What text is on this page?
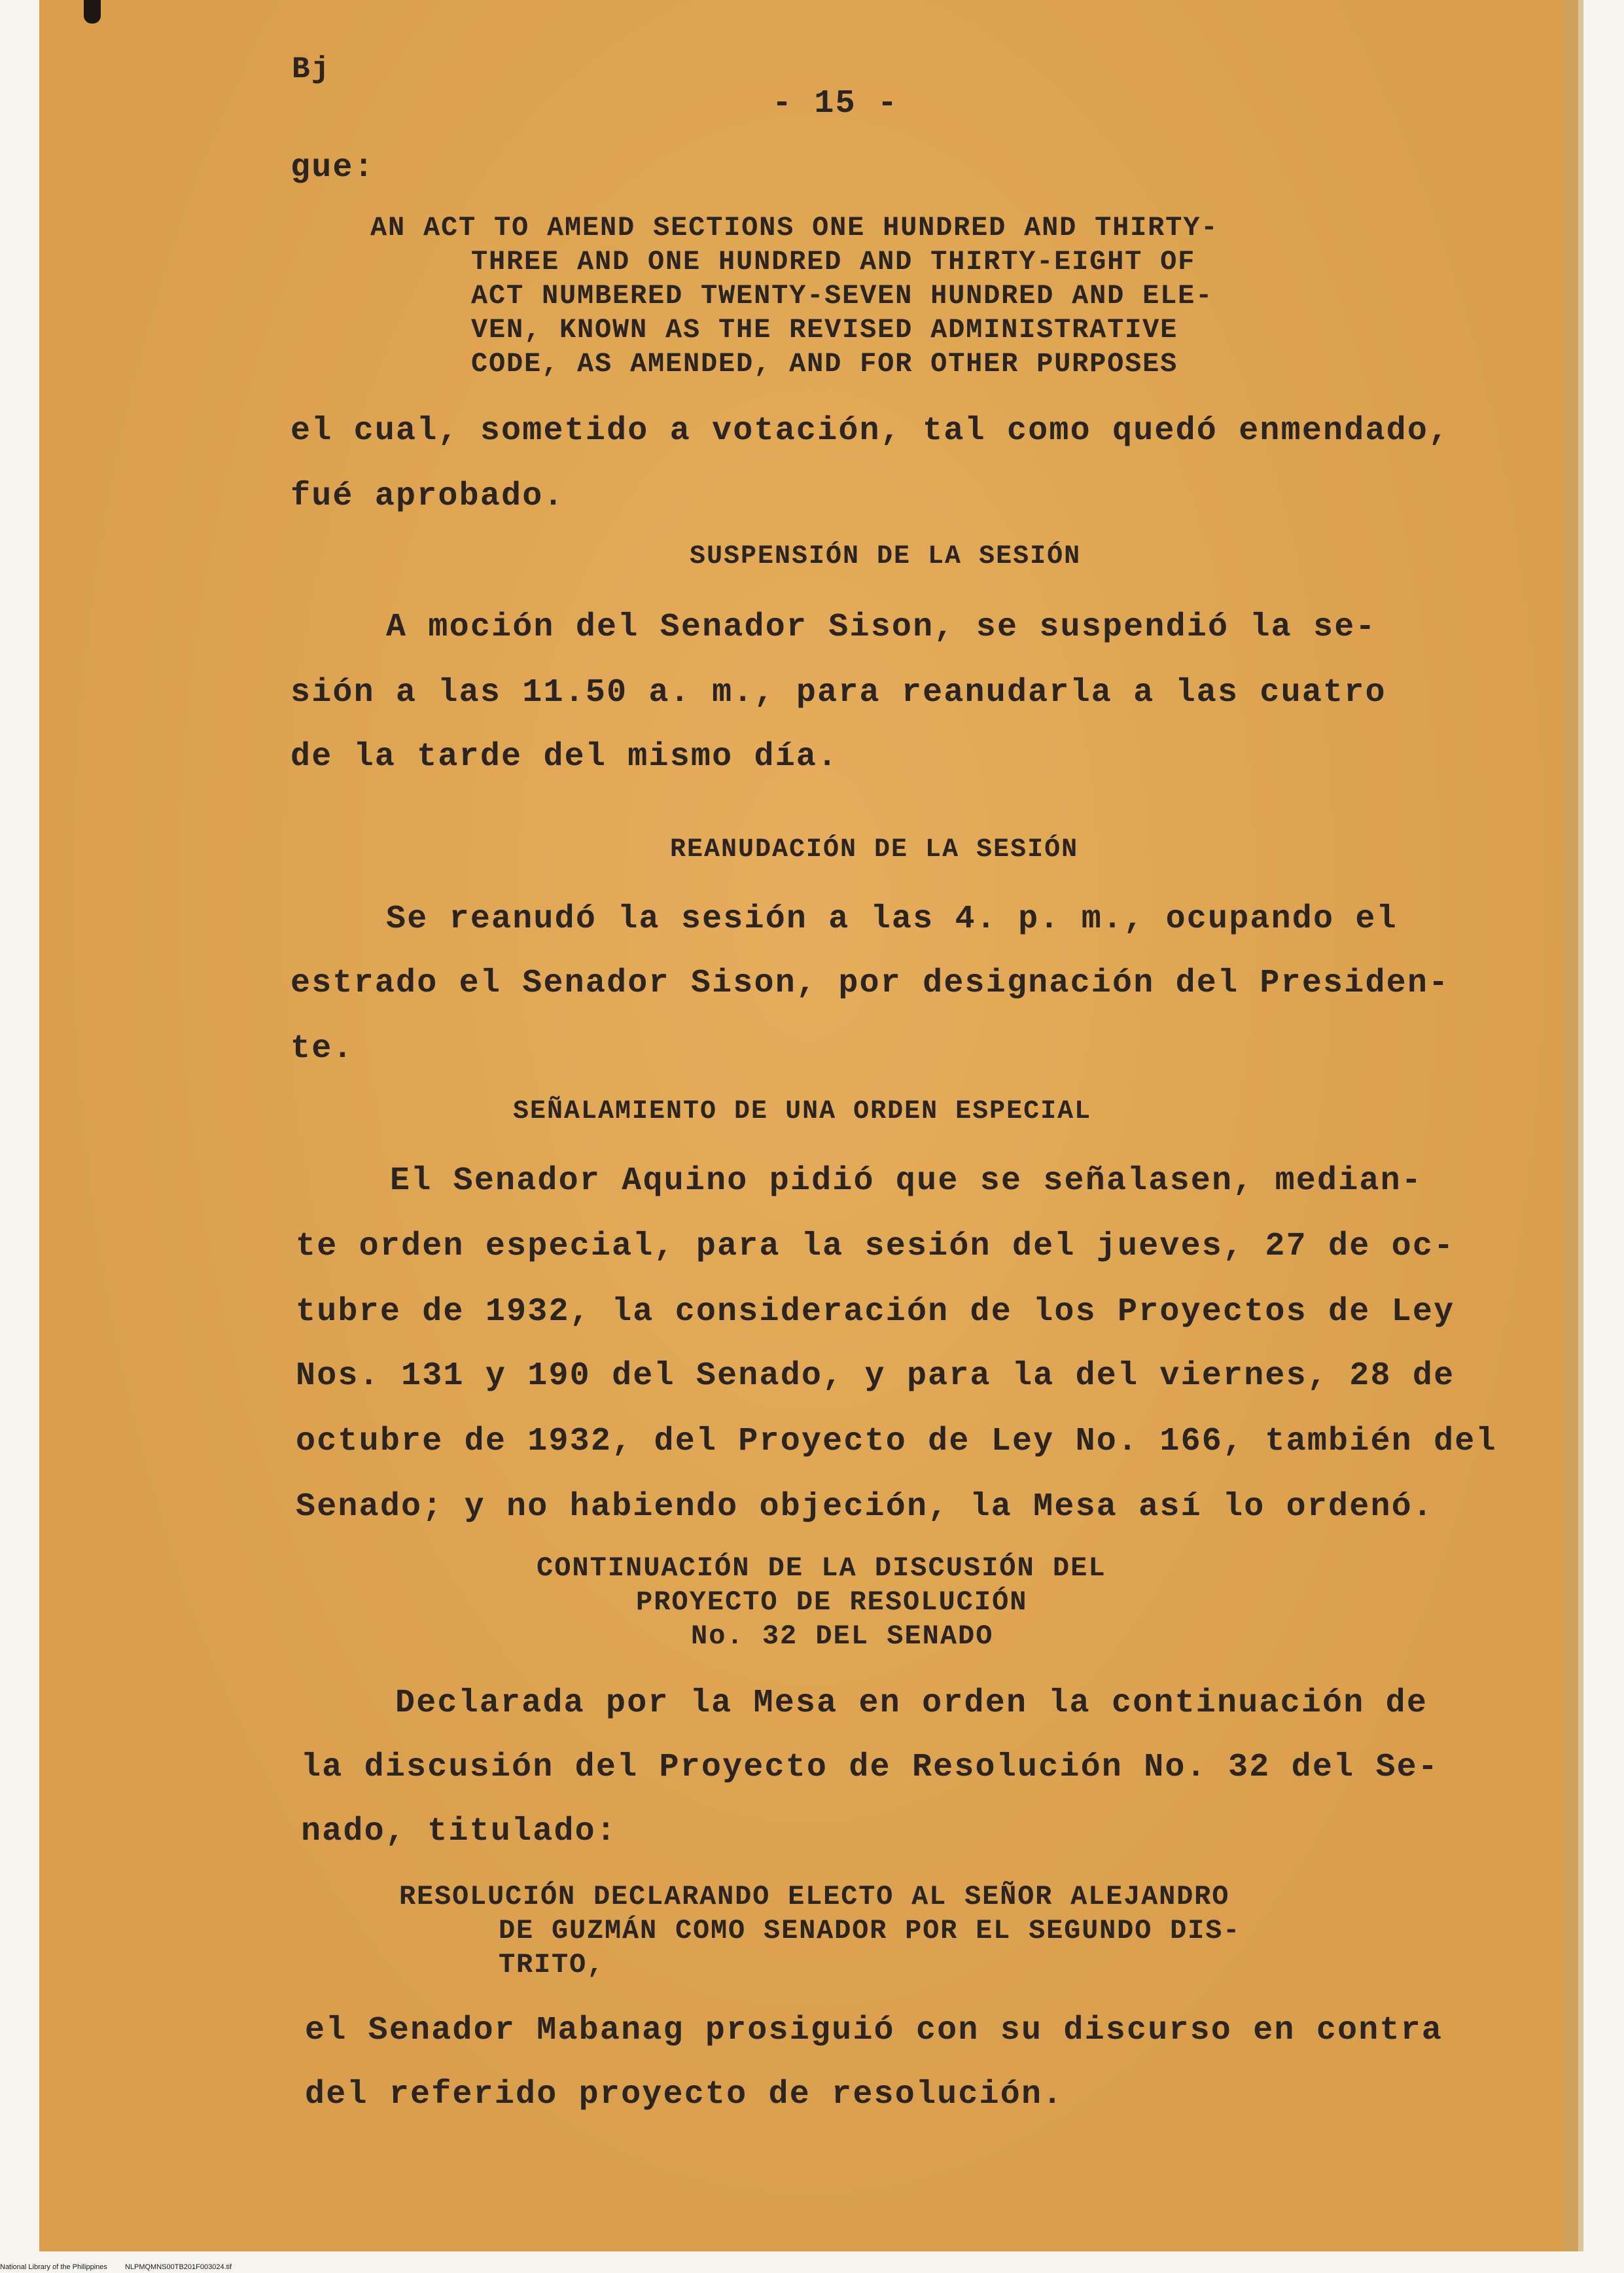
Bj

- 15 -

gue:

AN ACT TO AMEND SECTIONS ONE HUNDRED AND THIRTY-

THREE AND ONE HUNDRED AND THIRTY-EIGHT OF

ACT NUMBERED TWENTY-SEVEN HUNDRED AND ELE-

VEN, KNOWN AS THE REVISED ADMINISTRATIVE

CODE, AS AMENDED, AND FOR OTHER PURPOSES

el cual, sometido a votación, tal como quedó enmendado,

fué aprobado.

SUSPENSIÓN DE LA SESIÓN

A moción del Senador Sison, se suspendió la se-

sión a las 11.50 a. m., para reanudarla a las cuatro

de la tarde del mismo día.

REANUDACIÓN DE LA SESIÓN

Se reanudó la sesión a las 4. p. m., ocupando el

estrado el Senador Sison, por designación del Presiden-

te.

SEÑALAMIENTO DE UNA ORDEN ESPECIAL

El Senador Aquino pidió que se señalasen, median-

te orden especial, para la sesión del jueves, 27 de oc-

tubre de 1932, la consideración de los Proyectos de Ley

Nos. 131 y 190 del Senado, y para la del viernes, 28 de

octubre de 1932, del Proyecto de Ley No. 166, también del

Senado; y no habiendo objeción, la Mesa así lo ordenó.

CONTINUACIÓN DE LA DISCUSIÓN DEL

PROYECTO DE RESOLUCIÓN

No. 32 DEL SENADO

Declarada por la Mesa en orden la continuación de

la discusión del Proyecto de Resolución No. 32 del Se-

nado, titulado:

RESOLUCIÓN DECLARANDO ELECTO AL SEÑOR ALEJANDRO

DE GUZMÁN COMO SENADOR POR EL SEGUNDO DIS-

TRITO,

el Senador Mabanag prosiguió con su discurso en contra

del referido proyecto de resolución.

National Library of the Philippines NLPMQMNS00TB201F003024.tif
